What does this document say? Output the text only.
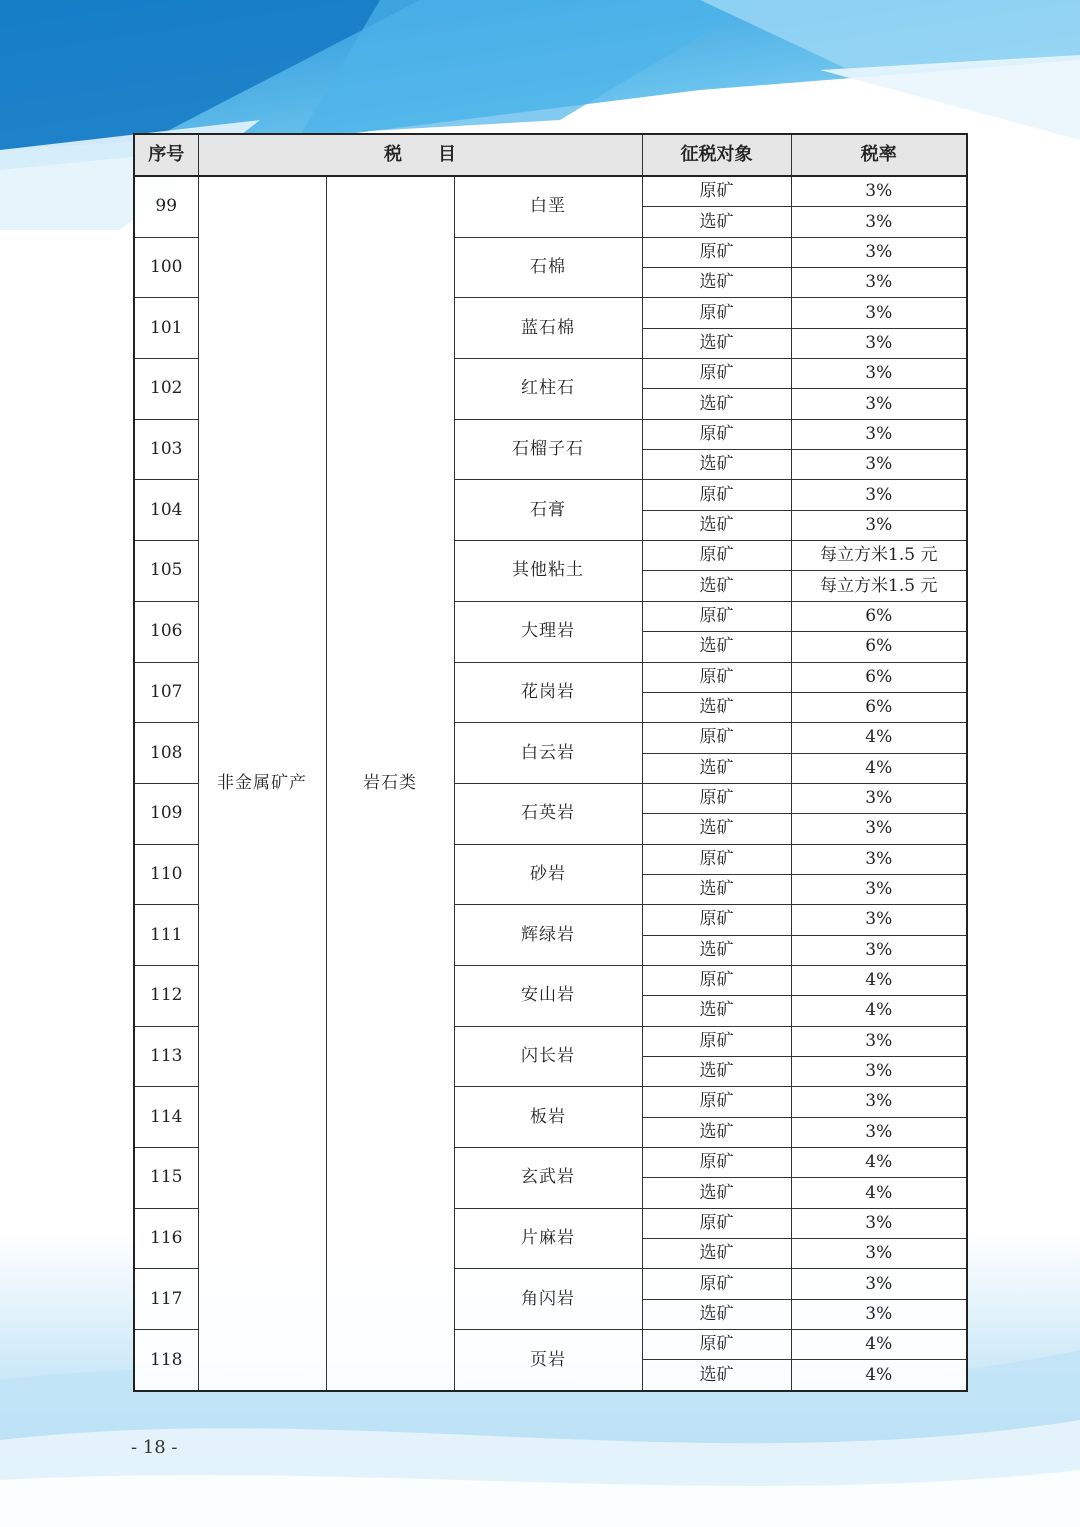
序号	税　　目			征税对象	税率
99	非金属矿产	岩石类	白垩	原矿	3%
				选矿	3%
100			石棉	原矿	3%
				选矿	3%
101			蓝石棉	原矿	3%
				选矿	3%
102			红柱石	原矿	3%
				选矿	3%
103			石榴子石	原矿	3%
				选矿	3%
104			石膏	原矿	3%
				选矿	3%
105			其他粘土	原矿	每立方米1.5 元
				选矿	每立方米1.5 元
106			大理岩	原矿	6%
				选矿	6%
107			花岗岩	原矿	6%
				选矿	6%
108			白云岩	原矿	4%
				选矿	4%
109			石英岩	原矿	3%
				选矿	3%
110			砂岩	原矿	3%
				选矿	3%
111			辉绿岩	原矿	3%
				选矿	3%
112			安山岩	原矿	4%
				选矿	4%
113			闪长岩	原矿	3%
				选矿	3%
114			板岩	原矿	3%
				选矿	3%
115			玄武岩	原矿	4%
				选矿	4%
116			片麻岩	原矿	3%
				选矿	3%
117			角闪岩	原矿	3%
				选矿	3%
118			页岩	原矿	4%
				选矿	4%
- 18 -
